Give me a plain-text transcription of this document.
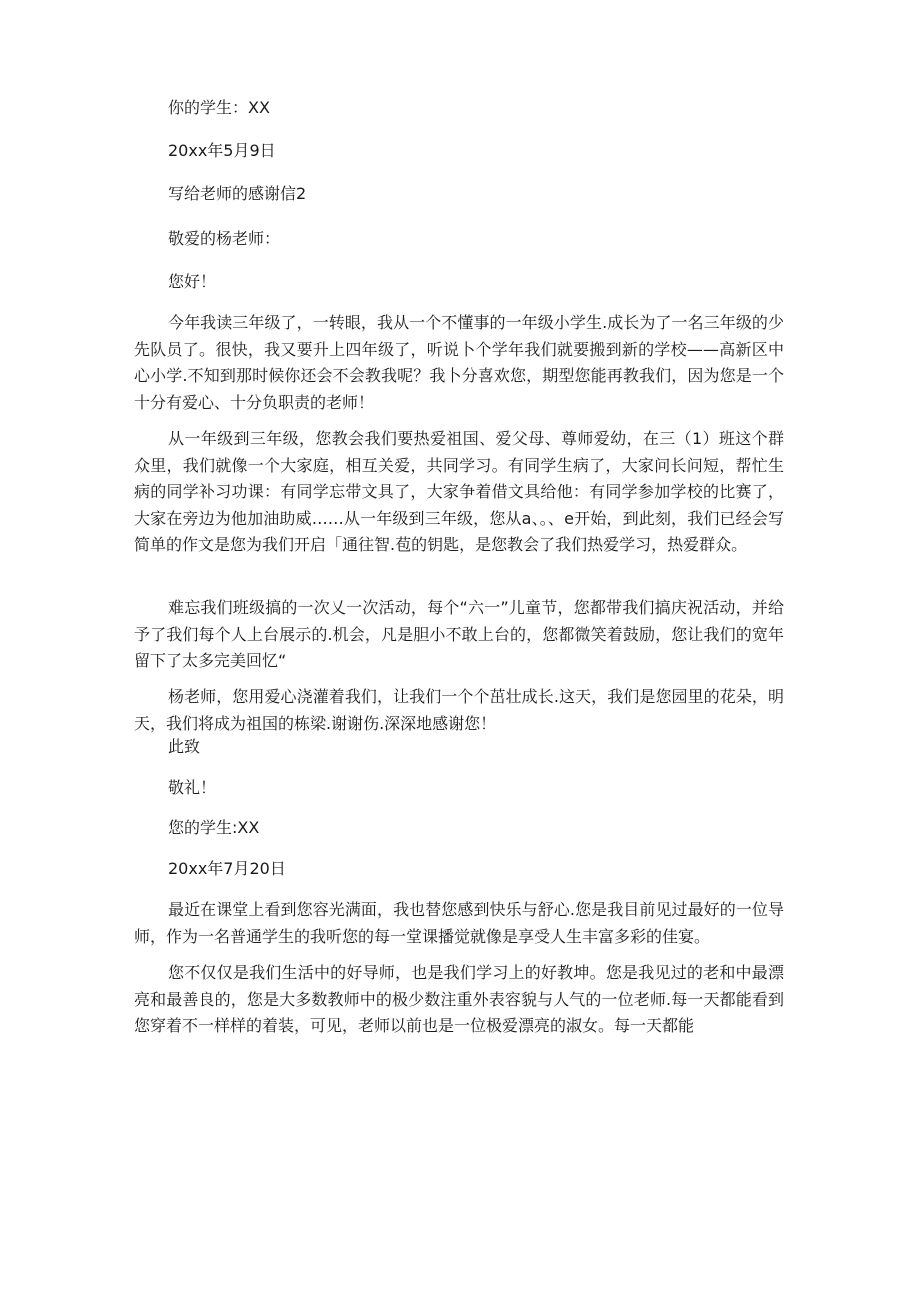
你的学生：XX

20xx年5月9日

写给老师的感谢信2

敬爱的杨老师：

您好！

今年我读三年级了，一转眼，我从一个不懂事的一年级小学生.成长为了一名三年级的少先队员了。很快，我又要升上四年级了，听说卜个学年我们就要搬到新的学校——高新区中心小学.不知到那时候你还会不会教我呢？我卜分喜欢您，期型您能再教我们，因为您是一个十分有爱心、十分负职责的老师！

从一年级到三年级，您教会我们要热爱祖国、爱父母、尊师爱幼，在三（1）班这个群众里，我们就像一个大家庭，相互关爱，共同学习。有同学生病了，大家问长问短，帮忙生病的同学补习功课：有同学忘带文具了，大家争着借文具给他：有同学参加学校的比赛了，大家在旁边为他加油助威……从一年级到三年级，您从a、。、e开始，到此刻，我们已经会写简单的作文是您为我们开启「通往智.苞的钥匙，是您教会了我们热爱学习，热爱群众。

难忘我们班级搞的一次乂一次活动，每个“六一”儿童节，您都带我们搞庆祝活动，并给予了我们每个人上台展示的.机会，凡是胆小不敢上台的，您都微笑着鼓励，您让我们的宽年留下了太多完美回忆“

杨老师，您用爱心浇灌着我们，让我们一个个茁壮成长.这天，我们是您园里的花朵，明天，我们将成为祖国的栋梁.谢谢伤.深深地感谢您！

此致

敬礼！

您的学生:XX

20xx年7月20日

最近在课堂上看到您容光满面，我也替您感到快乐与舒心.您是我目前见过最好的一位导师，作为一名普通学生的我听您的每一堂课播觉就像是享受人生丰富多彩的佳宴。

您不仅仅是我们生活中的好导师，也是我们学习上的好教坤。您是我见过的老和中最漂亮和最善良的，您是大多数教师中的极少数注重外表容貌与人气的一位老师.每一天都能看到您穿着不一样样的着装，可见，老师以前也是一位极爱漂亮的淑女。每一天都能
